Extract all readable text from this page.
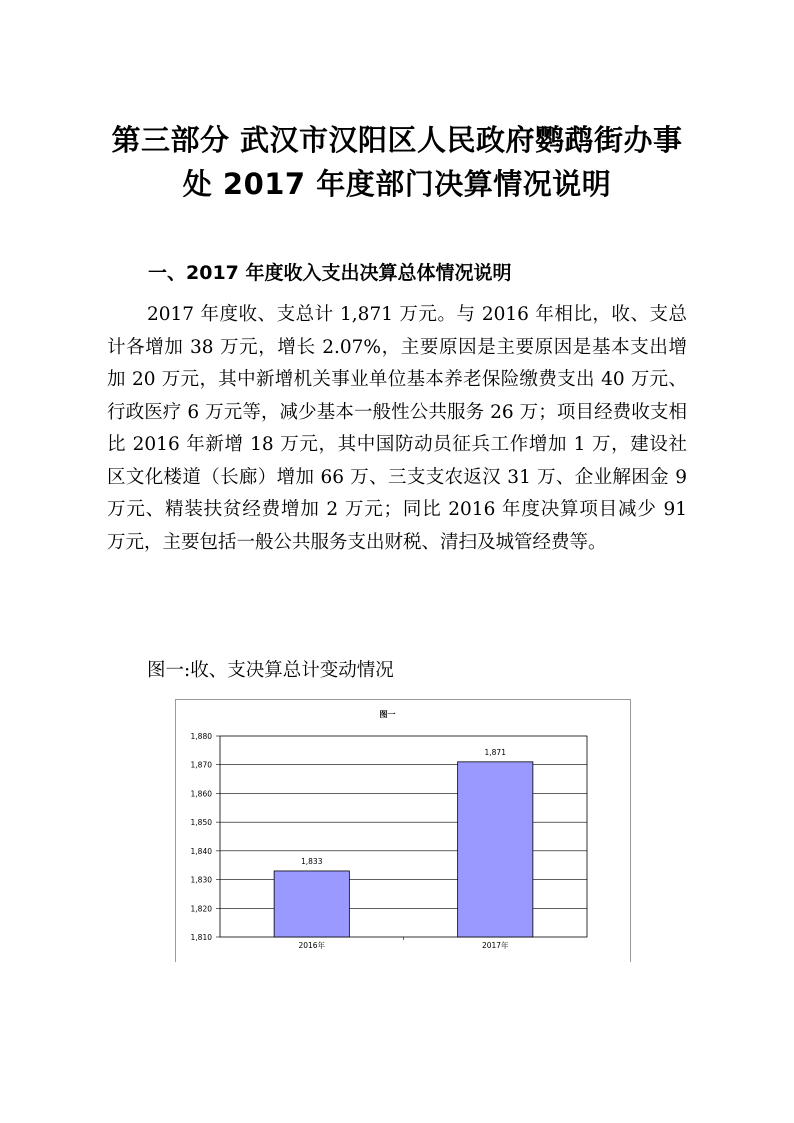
第三部分 武汉市汉阳区人民政府鹦鹉街办事
处 2017 年度部门决算情况说明
一、2017 年度收入支出决算总体情况说明

2017 年度收、支总计 1,871 万元。与 2016 年相比，收、支总计各增加 38 万元，增长 2.07%，主要原因是主要原因是基本支出增加 20 万元，其中新增机关事业单位基本养老保险缴费支出 40 万元、行政医疗 6 万元等，减少基本一般性公共服务 26 万；项目经费收支相比 2016 年新增 18 万元，其中国防动员征兵工作增加 1 万，建设社区文化楼道（长廊）增加 66 万、三支支农返汉 31 万、企业解困金 9 万元、精装扶贫经费增加 2 万元；同比 2016 年度决算项目减少 91 万元，主要包括一般公共服务支出财税、清扫及城管经费等。

图一:收、支决算总计变动情况
图一
1,810
1,820
1,830
1,840
1,850
1,860
1,870
1,880
1,833
2016年
1,871
2017年
